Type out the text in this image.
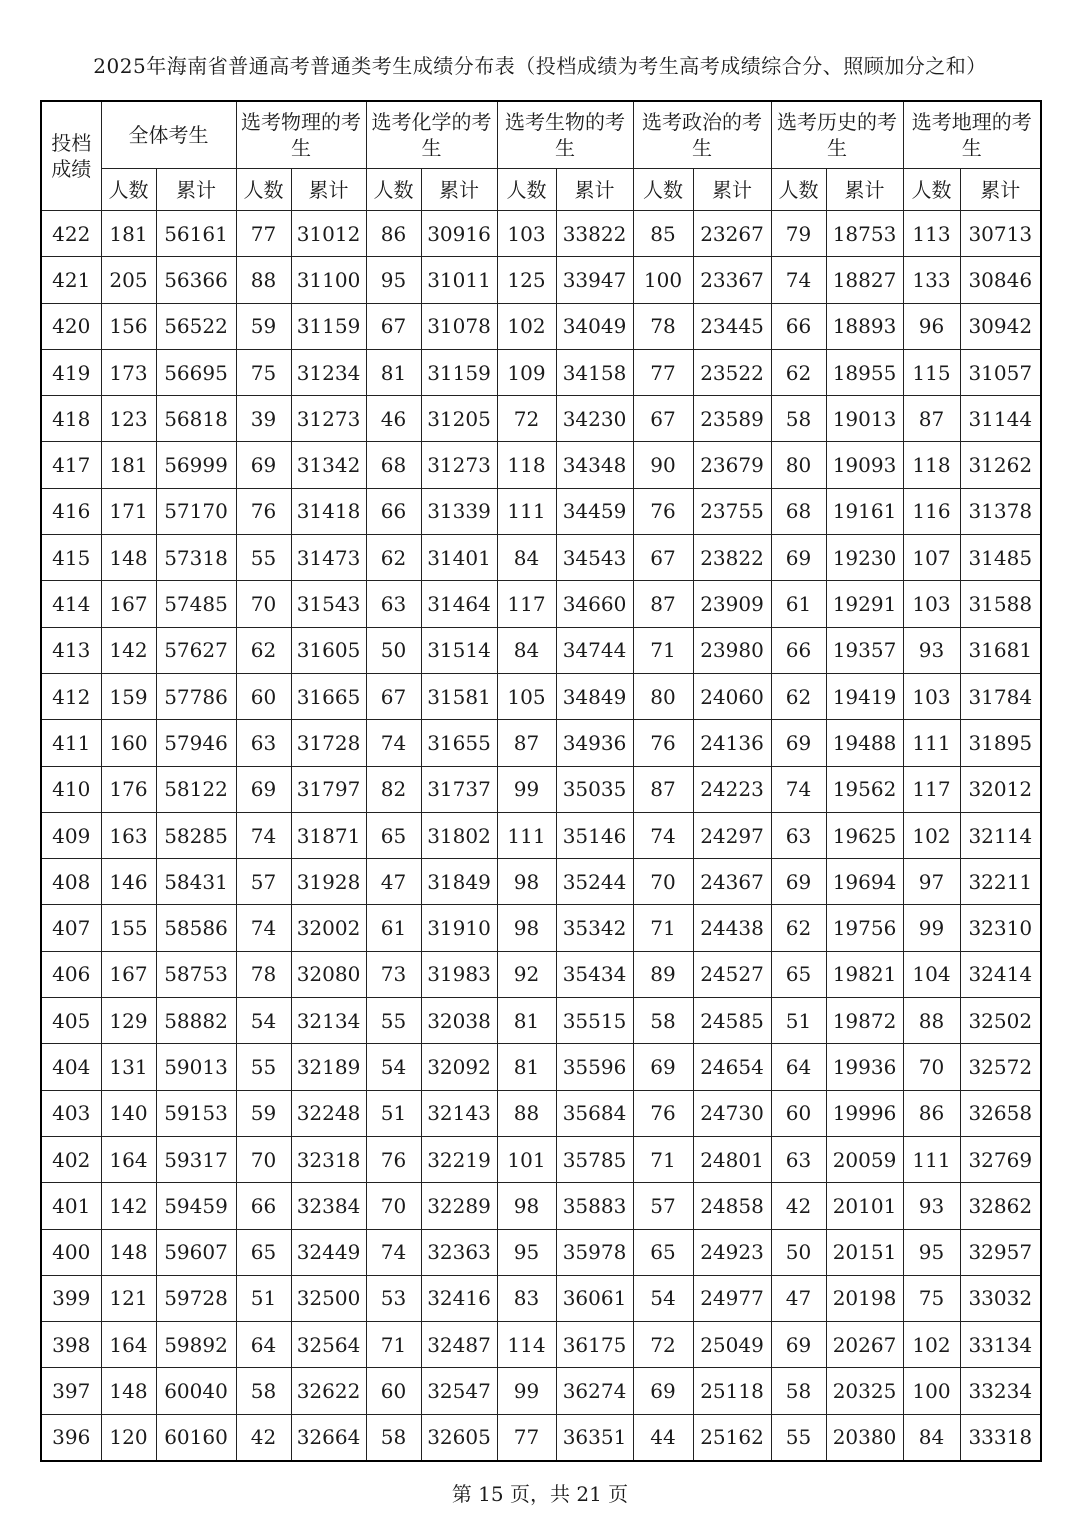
2025年海南省普通高考普通类考生成绩分布表（投档成绩为考生高考成绩综合分、照顾加分之和）
投档成绩	全体考生		选考物理的考生		选考化学的考生		选考生物的考生		选考政治的考生		选考历史的考生		选考地理的考生	
	人数	累计	人数	累计	人数	累计	人数	累计	人数	累计	人数	累计	人数	累计
422	181	56161	77	31012	86	30916	103	33822	85	23267	79	18753	113	30713
421	205	56366	88	31100	95	31011	125	33947	100	23367	74	18827	133	30846
420	156	56522	59	31159	67	31078	102	34049	78	23445	66	18893	96	30942
419	173	56695	75	31234	81	31159	109	34158	77	23522	62	18955	115	31057
418	123	56818	39	31273	46	31205	72	34230	67	23589	58	19013	87	31144
417	181	56999	69	31342	68	31273	118	34348	90	23679	80	19093	118	31262
416	171	57170	76	31418	66	31339	111	34459	76	23755	68	19161	116	31378
415	148	57318	55	31473	62	31401	84	34543	67	23822	69	19230	107	31485
414	167	57485	70	31543	63	31464	117	34660	87	23909	61	19291	103	31588
413	142	57627	62	31605	50	31514	84	34744	71	23980	66	19357	93	31681
412	159	57786	60	31665	67	31581	105	34849	80	24060	62	19419	103	31784
411	160	57946	63	31728	74	31655	87	34936	76	24136	69	19488	111	31895
410	176	58122	69	31797	82	31737	99	35035	87	24223	74	19562	117	32012
409	163	58285	74	31871	65	31802	111	35146	74	24297	63	19625	102	32114
408	146	58431	57	31928	47	31849	98	35244	70	24367	69	19694	97	32211
407	155	58586	74	32002	61	31910	98	35342	71	24438	62	19756	99	32310
406	167	58753	78	32080	73	31983	92	35434	89	24527	65	19821	104	32414
405	129	58882	54	32134	55	32038	81	35515	58	24585	51	19872	88	32502
404	131	59013	55	32189	54	32092	81	35596	69	24654	64	19936	70	32572
403	140	59153	59	32248	51	32143	88	35684	76	24730	60	19996	86	32658
402	164	59317	70	32318	76	32219	101	35785	71	24801	63	20059	111	32769
401	142	59459	66	32384	70	32289	98	35883	57	24858	42	20101	93	32862
400	148	59607	65	32449	74	32363	95	35978	65	24923	50	20151	95	32957
399	121	59728	51	32500	53	32416	83	36061	54	24977	47	20198	75	33032
398	164	59892	64	32564	71	32487	114	36175	72	25049	69	20267	102	33134
397	148	60040	58	32622	60	32547	99	36274	69	25118	58	20325	100	33234
396	120	60160	42	32664	58	32605	77	36351	44	25162	55	20380	84	33318
第 15 页，共 21 页
